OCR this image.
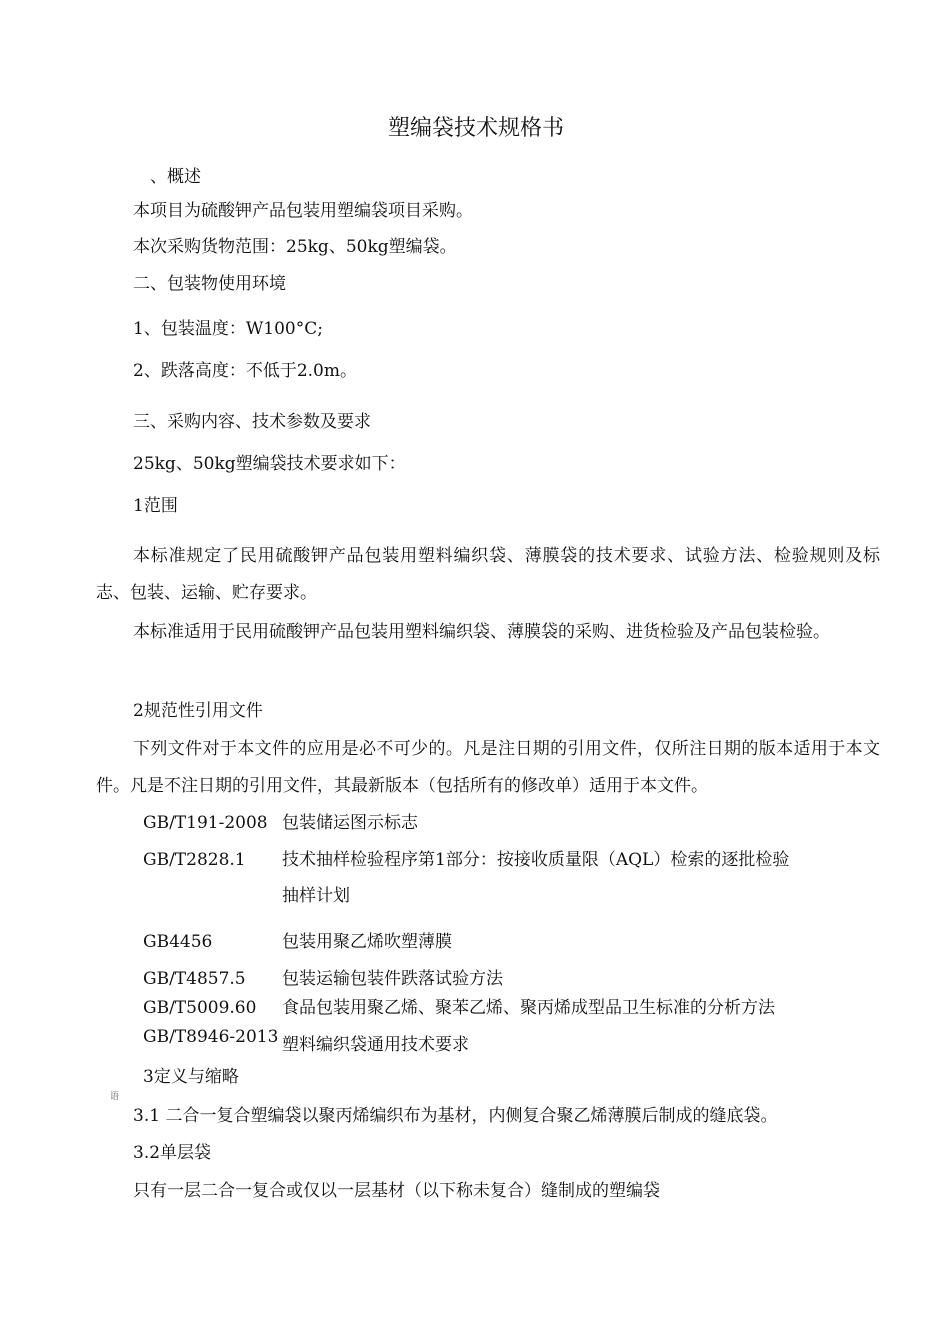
塑编袋技术规格书
、概述
本项目为硫酸钾产品包装用塑编袋项目采购。
本次采购货物范围：25kg、50kg塑编袋。
二、包装物使用环境
1、包装温度：W100°C;
2、跌落高度：不低于2.0m。
三、采购内容、技术参数及要求
25kg、50kg塑编袋技术要求如下：
1范围
本标准规定了民用硫酸钾产品包装用塑料编织袋、薄膜袋的技术要求、试验方法、检验规则及标志、包装、运输、贮存要求。
本标准适用于民用硫酸钾产品包装用塑料编织袋、薄膜袋的采购、进货检验及产品包装检验。
2规范性引用文件
下列文件对于本文件的应用是必不可少的。凡是注日期的引用文件，仅所注日期的版本适用于本文件。凡是不注日期的引用文件，其最新版本（包括所有的修改单）适用于本文件。
GB/T191-2008 包装储运图示标志
GB/T2828.1 技术抽样检验程序第1部分：按接收质量限（AQL）检索的逐批检验
抽样计划
GB4456	包装用聚乙烯吹塑薄膜
GB/T4857.5 包装运输包装件跌落试验方法
GB/T5009.60 食品包装用聚乙烯、聚苯乙烯、聚丙烯成型品卫生标准的分析方法
GB/T8946-2013 塑料编织袋通用技术要求
3定义与缩略
语
3.1 二合一复合塑编袋以聚丙烯编织布为基材，内侧复合聚乙烯薄膜后制成的缝底袋。
3.2单层袋
只有一层二合一复合或仅以一层基材（以下称未复合）缝制成的塑编袋
